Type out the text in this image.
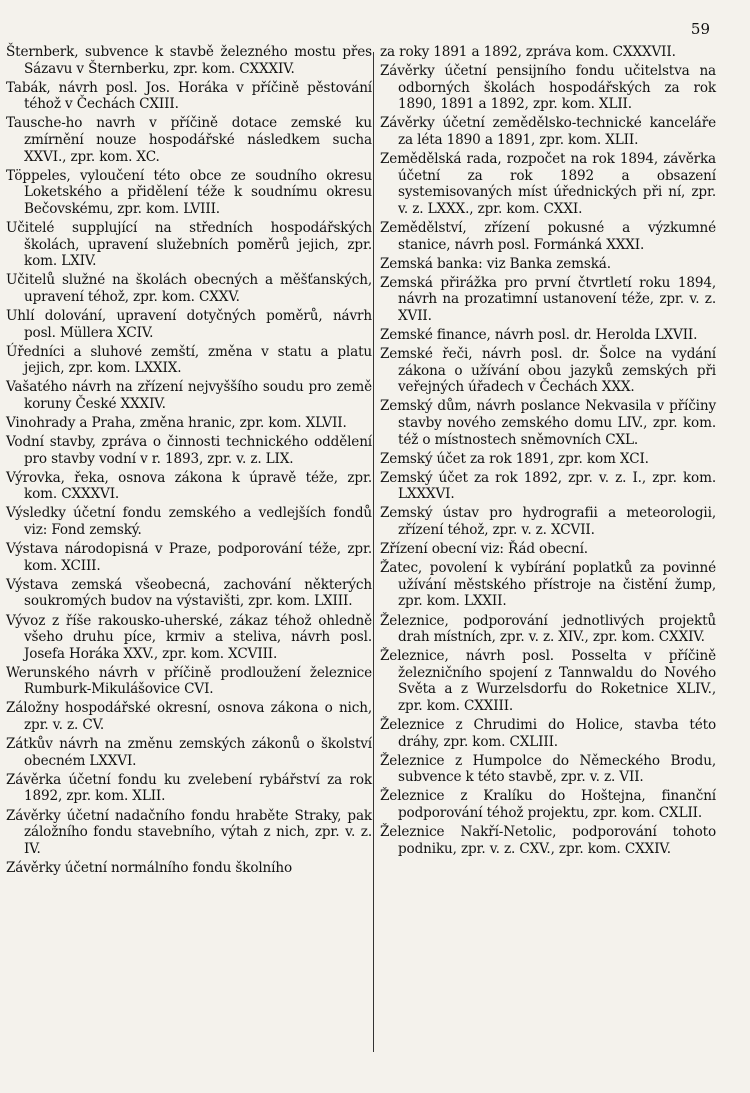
59
Šternberk, subvence k stavbě železného mostu přes Sázavu v Šternberku, zpr. kom. CXXXIV.
Tabák, návrh posl. Jos. Horáka v příčině pěstování téhož v Čechách CXIII.
Tausche-ho navrh v příčině dotace zemské ku zmírnění nouze hospodářské následkem sucha XXVI., zpr. kom. XC.
Töppeles, vyloučení této obce ze soudního okresu Loketského a přidělení téže k soudnímu okresu Bečovskému, zpr. kom. LVIII.
Učitelé supplující na středních hospodářských školách, upravení služebních poměrů jejich, zpr. kom. LXIV.
Učitelů služné na školách obecných a měšťanských, upravení téhož, zpr. kom. CXXV.
Uhlí dolování, upravení dotyčných poměrů, návrh posl. Müllera XCIV.
Úředníci a sluhové zemští, změna v statu a platu jejich, zpr. kom. LXXIX.
Vašatého návrh na zřízení nejvyššího soudu pro země koruny České XXXIV.
Vinohrady a Praha, změna hranic, zpr. kom. XLVII.
Vodní stavby, zpráva o činnosti technického oddělení pro stavby vodní v r. 1893, zpr. v. z. LIX.
Výrovka, řeka, osnova zákona k úpravě téže, zpr. kom. CXXXVI.
Výsledky účetní fondu zemského a vedlejších fondů viz: Fond zemský.
Výstava národopisná v Praze, podporování téže, zpr. kom. XCIII.
Výstava zemská všeobecná, zachování některých soukromých budov na výstavišti, zpr. kom. LXIII.
Vývoz z říše rakousko-uherské, zákaz téhož ohledně všeho druhu píce, krmiv a steliva, návrh posl. Josefa Horáka XXV., zpr. kom. XCVIII.
Werunského návrh v příčině prodloužení železnice Rumburk-Mikulášovice CVI.
Záložny hospodářské okresní, osnova zákona o nich, zpr. v. z. CV.
Zátkův návrh na změnu zemských zákonů o školství obecném LXXVI.
Závěrka účetní fondu ku zvelebení rybářství za rok 1892, zpr. kom. XLII.
Závěrky účetní nadačního fondu hraběte Straky, pak záložního fondu stavebního, výtah z nich, zpr. v. z. IV.
Závěrky účetní normálního fondu školního
za roky 1891 a 1892, zpráva kom. CXXXVII.
Závěrky účetní pensijního fondu učitelstva na odborných školách hospodářských za rok 1890, 1891 a 1892, zpr. kom. XLII.
Závěrky účetní zemědělsko-technické kanceláře za léta 1890 a 1891, zpr. kom. XLII.
Zemědělská rada, rozpočet na rok 1894, závěrka účetní za rok 1892 a obsazení systemisovaných míst úřednických při ní, zpr. v. z. LXXX., zpr. kom. CXXI.
Zemědělství, zřízení pokusné a výzkumné stanice, návrh posl. Formánká XXXI.
Zemská banka: viz Banka zemská.
Zemská přirážka pro první čtvrtletí roku 1894, návrh na prozatimní ustanovení téže, zpr. v. z. XVII.
Zemské finance, návrh posl. dr. Herolda LXVII.
Zemské řeči, návrh posl. dr. Šolce na vydání zákona o užívání obou jazyků zemských při veřejných úřadech v Čechách XXX.
Zemský dům, návrh poslance Nekvasila v příčiny stavby nového zemského domu LIV., zpr. kom. též o místnostech sněmovních CXL.
Zemský účet za rok 1891, zpr. kom XCI.
Zemský účet za rok 1892, zpr. v. z. I., zpr. kom. LXXXVI.
Zemský ústav pro hydrografii a meteorologii, zřízení téhož, zpr. v. z. XCVII.
Zřízení obecní viz: Řád obecní.
Žatec, povolení k vybírání poplatků za povinné užívání městského přístroje na čistění žump, zpr. kom. LXXII.
Železnice, podporování jednotlivých projektů drah místních, zpr. v. z. XIV., zpr. kom. CXXIV.
Železnice, návrh posl. Posselta v příčině železničního spojení z Tannwaldu do Nového Světa a z Wurzelsdorfu do Roketnice XLIV., zpr. kom. CXXIII.
Železnice z Chrudimi do Holice, stavba této dráhy, zpr. kom. CXLIII.
Železnice z Humpolce do Německého Brodu, subvence k této stavbě, zpr. v. z. VII.
Železnice z Kralíku do Hoštejna, finanční podporování téhož projektu, zpr. kom. CXLII.
Železnice Nakří-Netolic, podporování tohoto podniku, zpr. v. z. CXV., zpr. kom. CXXIV.
